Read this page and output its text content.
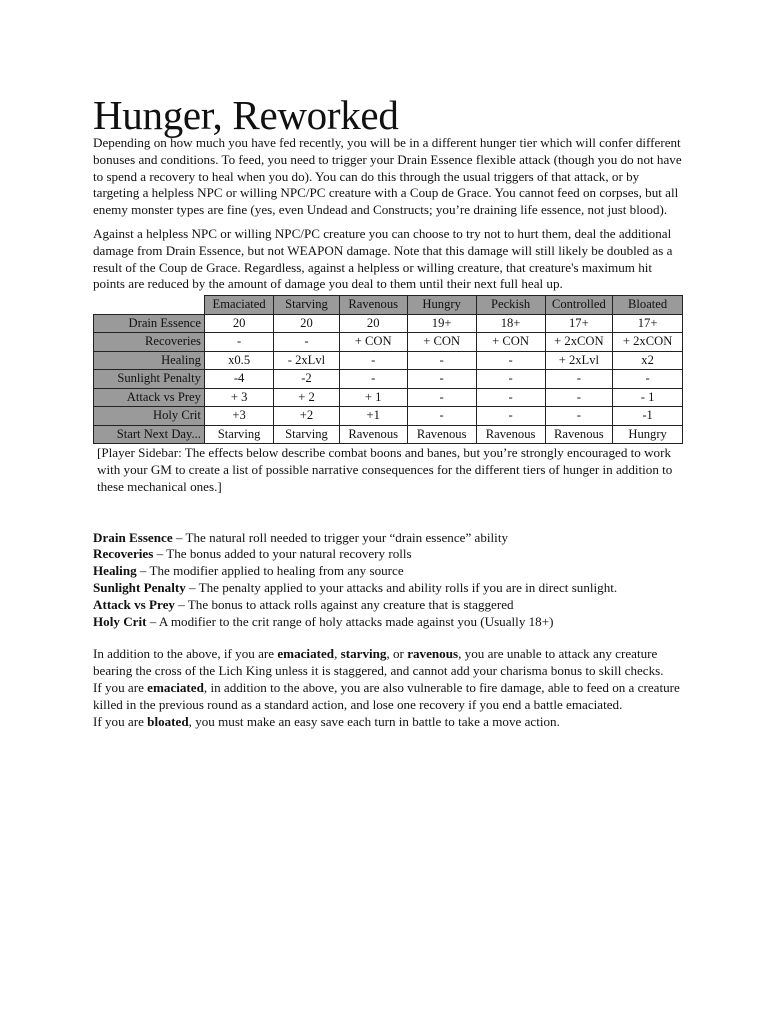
Hunger, Reworked

Depending on how much you have fed recently, you will be in a different hunger tier which will confer different bonuses and conditions. To feed, you need to trigger your Drain Essence flexible attack (though you do not have to spend a recovery to heal when you do). You can do this through the usual triggers of that attack, or by targeting a helpless NPC or willing NPC/PC creature with a Coup de Grace. You cannot feed on corpses, but all enemy monster types are fine (yes, even Undead and Constructs; you’re draining life essence, not just blood).

Against a helpless NPC or willing NPC/PC creature you can choose to try not to hurt them, deal the additional damage from Drain Essence, but not WEAPON damage. Note that this damage will still likely be doubled as a result of the Coup de Grace. Regardless, against a helpless or willing creature, that creature's maximum hit points are reduced by the amount of damage you deal to them until their next full heal up.

	Emaciated	Starving	Ravenous	Hungry	Peckish	Controlled	Bloated
Drain Essence	20	20	20	19+	18+	17+	17+
Recoveries	-	-	+ CON	+ CON	+ CON	+ 2xCON	+ 2xCON
Healing	x0.5	- 2xLvl	-	-	-	+ 2xLvl	x2
Sunlight Penalty	-4	-2	-	-	-	-	-
Attack vs Prey	+ 3	+ 2	+ 1	-	-	-	- 1
Holy Crit	+3	+2	+1	-	-	-	-1
Start Next Day...	Starving	Starving	Ravenous	Ravenous	Ravenous	Ravenous	Hungry

[Player Sidebar: The effects below describe combat boons and banes, but you’re strongly encouraged to work with your GM to create a list of possible narrative consequences for the different tiers of hunger in addition to these mechanical ones.]

Drain Essence – The natural roll needed to trigger your “drain essence” ability

Recoveries – The bonus added to your natural recovery rolls

Healing – The modifier applied to healing from any source

Sunlight Penalty – The penalty applied to your attacks and ability rolls if you are in direct sunlight.

Attack vs Prey – The bonus to attack rolls against any creature that is staggered

Holy Crit – A modifier to the crit range of holy attacks made against you (Usually 18+)

In addition to the above, if you are emaciated, starving, or ravenous, you are unable to attack any creature bearing the cross of the Lich King unless it is staggered, and cannot add your charisma bonus to skill checks.

If you are emaciated, in addition to the above, you are also vulnerable to fire damage, able to feed on a creature killed in the previous round as a standard action, and lose one recovery if you end a battle emaciated.

If you are bloated, you must make an easy save each turn in battle to take a move action.
